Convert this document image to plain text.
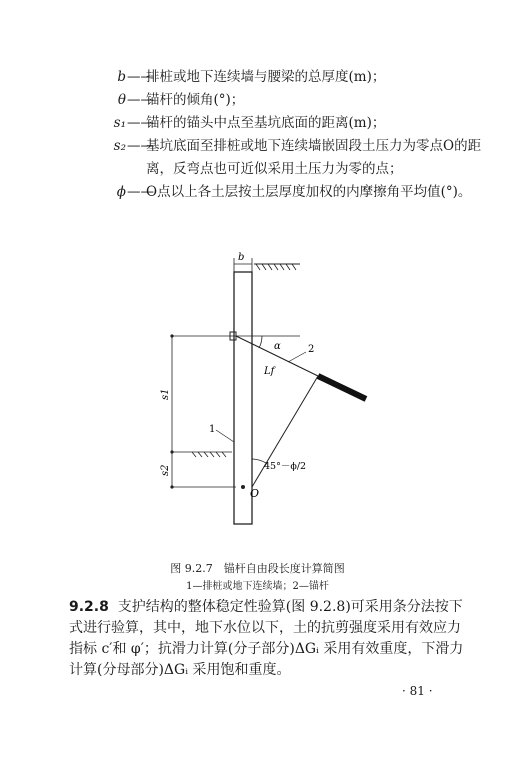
b ——
排桩或地下连续墙与腰梁的总厚度(m)；
θ ——
锚杆的倾角(°)；
s₁ ——
锚杆的锚头中点至基坑底面的距离(m)；
s₂ ——
基坑底面至排桩或地下连续墙嵌固段土压力为零点O的距离，反弯点也可近似采用土压力为零的点；
ϕ ——
O点以上各土层按土层厚度加权的内摩擦角平均值(°)。
b
s1
s2
α	2
Lf
45°－ϕ/2
O
1
图 9.2.7　锚杆自由段长度计算简图
1—排桩或地下连续墙；2—锚杆
9.2.8 支护结构的整体稳定性验算(图 9.2.8)可采用条分法按下式进行验算，其中，地下水位以下，土的抗剪强度采用有效应力指标 c′和 φ′；抗滑力计算(分子部分)ΔGᵢ 采用有效重度，下滑力计算(分母部分)ΔGᵢ 采用饱和重度。
· 81 ·
